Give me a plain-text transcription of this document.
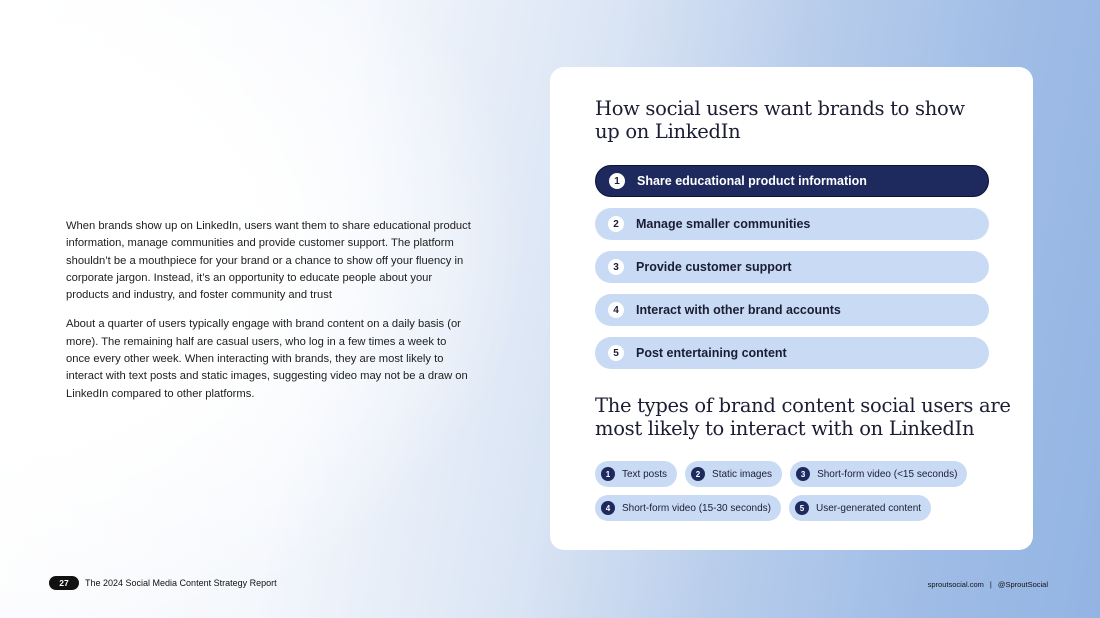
When brands show up on LinkedIn, users want them to share educational product information, manage communities and provide customer support. The platform shouldn’t be a mouthpiece for your brand or a chance to show off your fluency in corporate jargon. Instead, it’s an opportunity to educate people about your products and industry, and foster community and trust

About a quarter of users typically engage with brand content on a daily basis (or more). The remaining half are casual users, who log in a few times a week to once every other week. When interacting with brands, they are most likely to interact with text posts and static images, suggesting video may not be a draw on LinkedIn compared to other platforms.

How social users want brands to show up on LinkedIn
1	Share educational product information
2	Manage smaller communities
3	Provide customer support
4	Interact with other brand accounts
5	Post entertaining content
The types of brand content social users are most likely to interact with on LinkedIn
1	Text posts	2	Static images	3	Short-form video (<15 seconds)
4	Short-form video (15-30 seconds)	5	User-generated content
27	The 2024 Social Media Content Strategy Report	sproutsocial.com | @SproutSocial
